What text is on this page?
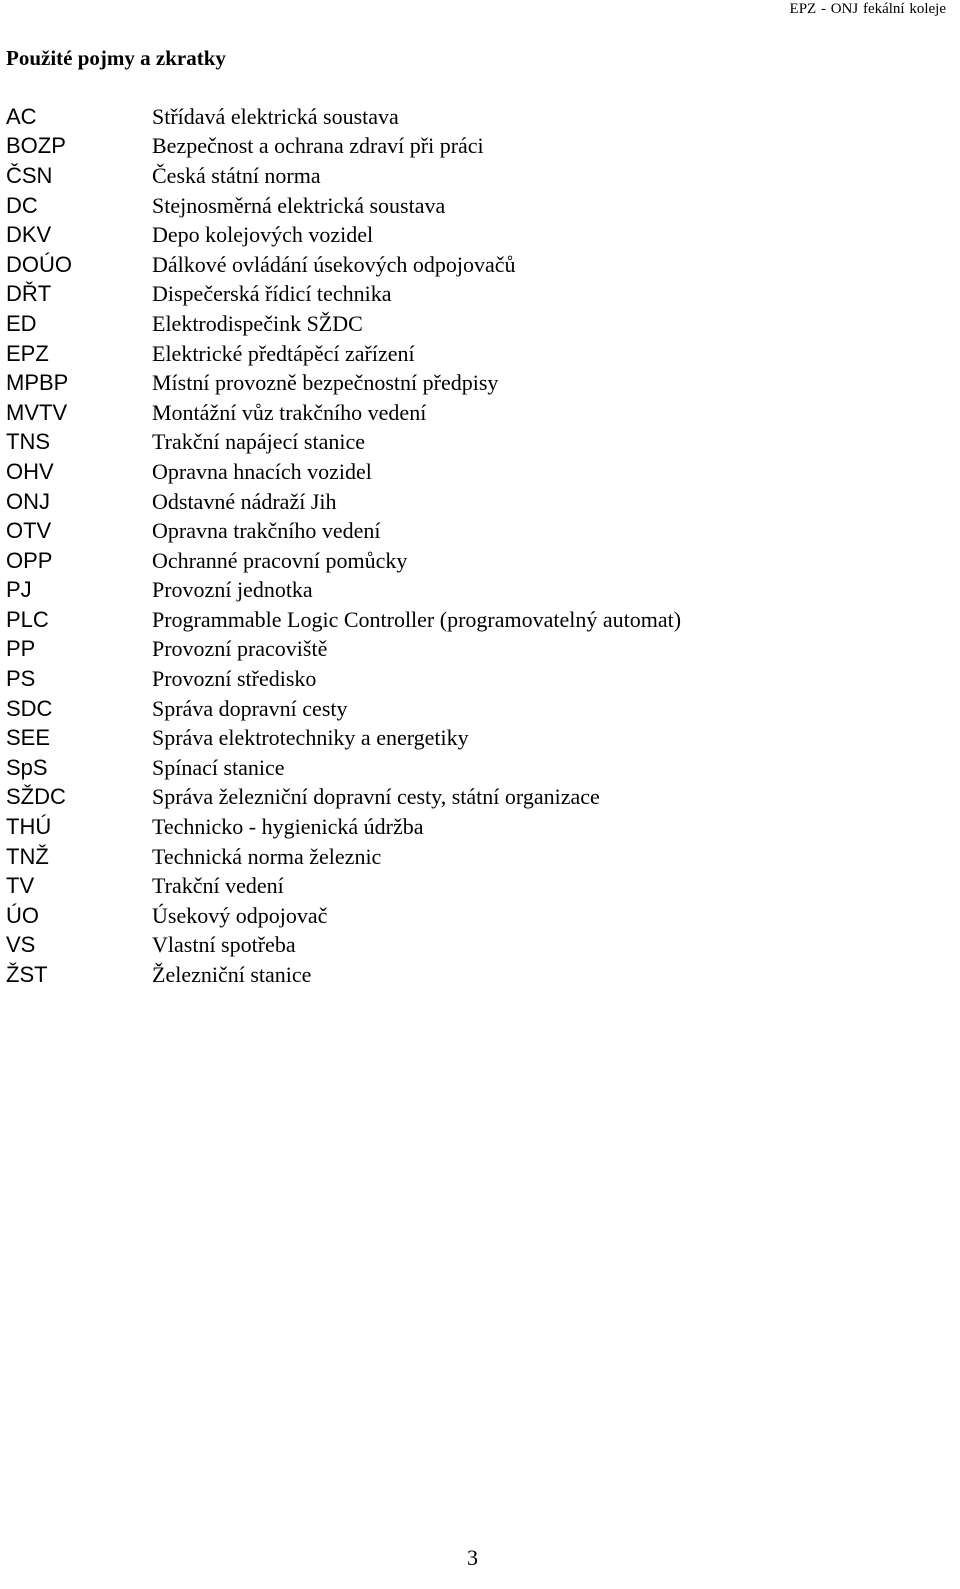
EPZ - ONJ fekální koleje
Použité pojmy a zkratky
AC	Střídavá elektrická soustava
BOZP	Bezpečnost a ochrana zdraví při práci
ČSN	Česká státní norma
DC	Stejnosměrná elektrická soustava
DKV	Depo kolejových vozidel
DOÚO	Dálkové ovládání úsekových odpojovačů
DŘT	Dispečerská řídicí technika
ED	Elektrodispečink SŽDC
EPZ	Elektrické předtápěcí zařízení
MPBP	Místní provozně bezpečnostní předpisy
MVTV	Montážní vůz trakčního vedení
TNS	Trakční napájecí stanice
OHV	Opravna hnacích vozidel
ONJ	Odstavné nádraží Jih
OTV	Opravna trakčního vedení
OPP	Ochranné pracovní pomůcky
PJ	Provozní jednotka
PLC	Programmable Logic Controller (programovatelný automat)
PP	Provozní pracoviště
PS	Provozní středisko
SDC	Správa dopravní cesty
SEE	Správa elektrotechniky a energetiky
SpS	Spínací stanice
SŽDC	Správa železniční dopravní cesty, státní organizace
THÚ	Technicko - hygienická údržba
TNŽ	Technická norma železnic
TV	Trakční vedení
ÚO	Úsekový odpojovač
VS	Vlastní spotřeba
ŽST	Železniční stanice
3
